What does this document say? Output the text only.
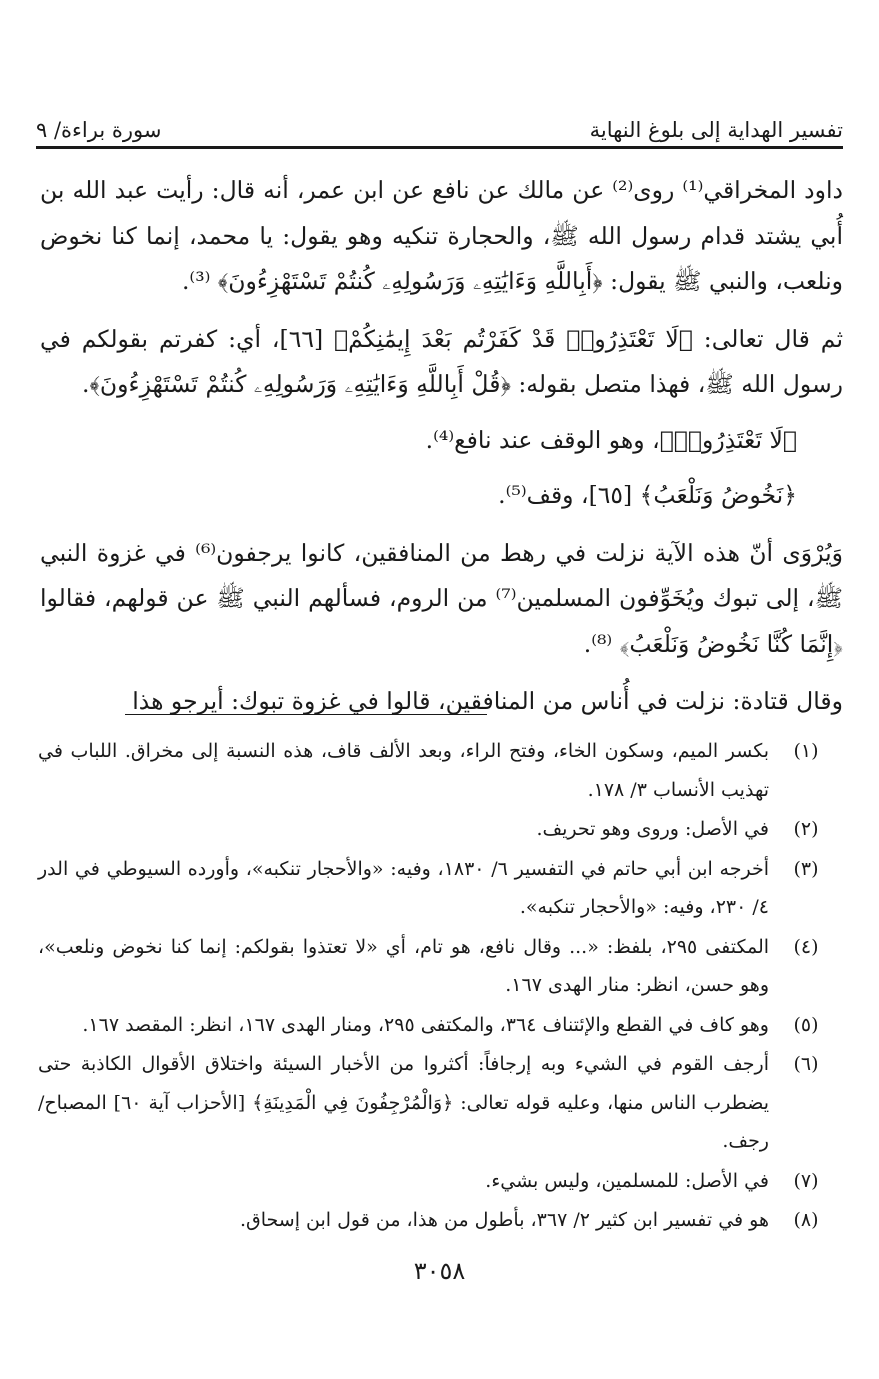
تفسير الهداية إلى بلوغ النهاية
سورة براءة/ ٩

داود المخراقي⁽¹⁾ روى⁽²⁾ عن مالك عن نافع عن ابن عمر، أنه قال: رأيت عبد الله بن أُبي يشتد قدام رسول الله ﷺ، والحجارة تنكيه وهو يقول: يا محمد، إنما كنا نخوض ونلعب، والنبي ﷺ يقول: ﴿أَبِاللَّهِ وَءَايَٰتِهِۦ وَرَسُولِهِۦ كُنتُمْ تَسْتَهْزِءُونَ﴾ ⁽³⁾.

ثم قال تعالى: ﴿لَا تَعْتَذِرُوا۟ قَدْ كَفَرْتُم بَعْدَ إِيمَٰنِكُمْ﴾ [٦٦]، أي: كفرتم بقولكم في رسول الله ﷺ، فهذا متصل بقوله: ﴿قُلْ أَبِاللَّهِ وَءَايَٰتِهِۦ وَرَسُولِهِۦ كُنتُمْ تَسْتَهْزِءُونَ﴾.

﴿لَا تَعْتَذِرُوا۟﴾، وهو الوقف عند نافع⁽⁴⁾.

﴿نَخُوضُ وَنَلْعَبُ﴾ [٦٥]، وقف⁽⁵⁾.

وَيُرْوَى أنّ هذه الآية نزلت في رهط من المنافقين، كانوا يرجفون⁽⁶⁾ في غزوة النبي ﷺ، إلى تبوك ويُخَوِّفون المسلمين⁽⁷⁾ من الروم، فسألهم النبي ﷺ عن قولهم، فقالوا ﴿إِنَّمَا كُنَّا نَخُوضُ وَنَلْعَبُ﴾ ⁽⁸⁾.

وقال قتادة: نزلت في أُناس من المنافقين، قالوا في غزوة تبوك: أيرجو هذا

(١)
بكسر الميم، وسكون الخاء، وفتح الراء، وبعد الألف قاف، هذه النسبة إلى مخراق. اللباب في تهذيب الأنساب ٣/ ١٧٨.
(٢)
في الأصل: وروى وهو تحريف.
(٣)
أخرجه ابن أبي حاتم في التفسير ٦/ ١٨٣٠، وفيه: «والأحجار تنكبه»، وأورده السيوطي في الدر ٤/ ٢٣٠، وفيه: «والأحجار تنكبه».
(٤)
المكتفى ٢٩٥، بلفظ: «... وقال نافع، هو تام، أي «لا تعتذوا بقولكم: إنما كنا نخوض ونلعب»، وهو حسن، انظر: منار الهدى ١٦٧.
(٥)
وهو كاف في القطع والإئتناف ٣٦٤، والمكتفى ٢٩٥، ومنار الهدى ١٦٧، انظر: المقصد ١٦٧.
(٦)
أرجف القوم في الشيء وبه إرجافاً: أكثروا من الأخبار السيئة واختلاق الأقوال الكاذبة حتى يضطرب الناس منها، وعليه قوله تعالى: ﴿وَالْمُرْجِفُونَ فِي الْمَدِينَةِ﴾ [الأحزاب آية ٦٠] المصباح/ رجف.
(٧)
في الأصل: للمسلمين، وليس بشيء.
(٨)
هو في تفسير ابن كثير ٢/ ٣٦٧، بأطول من هذا، من قول ابن إسحاق.
٣٠٥٨
